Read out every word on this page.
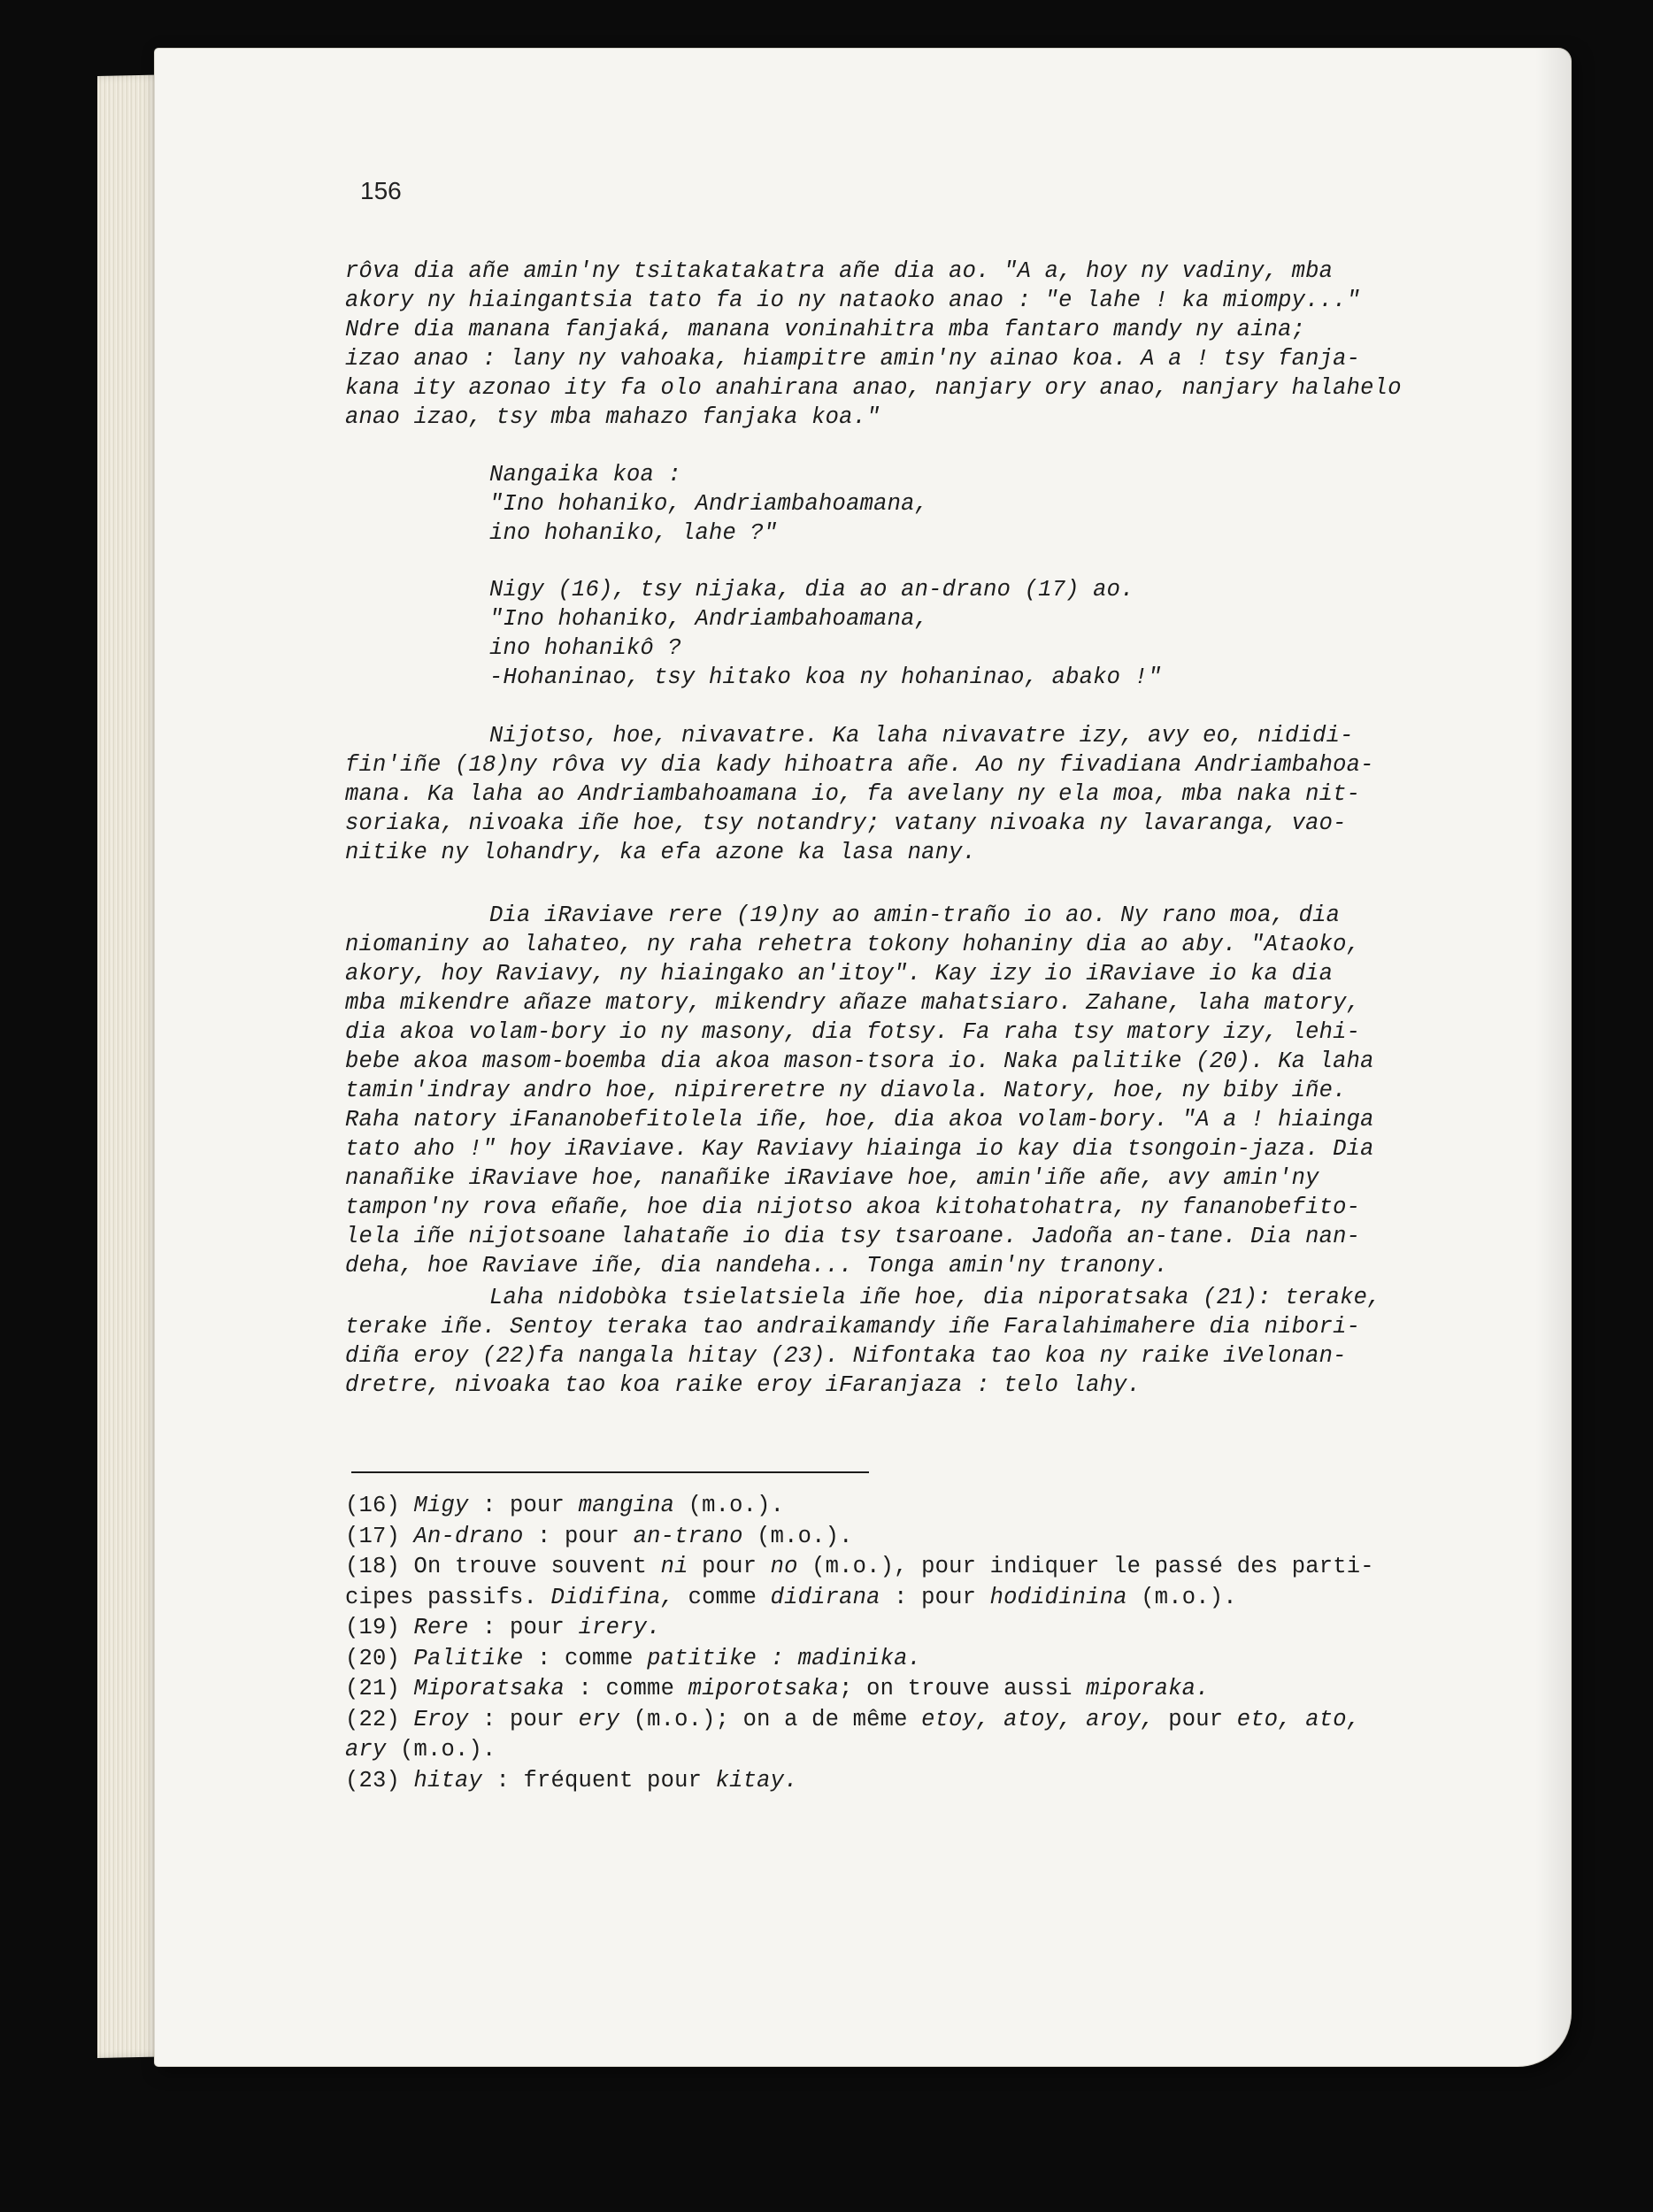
156
rôva dia añe amin'ny tsitakatakatra añe dia ao. "A a, hoy ny vadiny, mba
akory ny hiaingantsia tato fa io ny nataoko anao : "e lahe ! ka miompy..."
Ndre dia manana fanjaká, manana voninahitra mba fantaro mandy ny aina;
izao anao : lany ny vahoaka, hiampitre amin'ny ainao koa. A a ! tsy fanja-
kana ity azonao ity fa olo anahirana anao, nanjary ory anao, nanjary halahelo
anao izao, tsy mba mahazo fanjaka koa."
Nangaika koa :
"Ino hohaniko, Andriambahoamana,
ino hohaniko, lahe ?"
Nigy (16), tsy nijaka, dia ao an-drano (17) ao.
"Ino hohaniko, Andriambahoamana,
ino hohanikô ?
-Hohaninao, tsy hitako koa ny hohaninao, abako !"
Nijotso, hoe, nivavatre. Ka laha nivavatre izy, avy eo, nididi-
fin'iñe (18)ny rôva vy dia kady hihoatra añe. Ao ny fivadiana Andriambahoa-
mana. Ka laha ao Andriambahoamana io, fa avelany ny ela moa, mba naka nit-
soriaka, nivoaka iñe hoe, tsy notandry; vatany nivoaka ny lavaranga, vao-
nitike ny lohandry, ka efa azone ka lasa nany.
Dia iRaviave rere (19)ny ao amin-traño io ao. Ny rano moa, dia
niomaniny ao lahateo, ny raha rehetra tokony hohaniny dia ao aby. "Ataoko,
akory, hoy Raviavy, ny hiaingako an'itoy". Kay izy io iRaviave io ka dia
mba mikendre añaze matory, mikendry añaze mahatsiaro. Zahane, laha matory,
dia akoa volam-bory io ny masony, dia fotsy. Fa raha tsy matory izy, lehi-
bebe akoa masom-boemba dia akoa mason-tsora io. Naka palitike (20). Ka laha
tamin'indray andro hoe, nipireretre ny diavola. Natory, hoe, ny biby iñe.
Raha natory iFananobefitolela iñe, hoe, dia akoa volam-bory. "A a ! hiainga
tato aho !" hoy iRaviave. Kay Raviavy hiainga io kay dia tsongoin-jaza. Dia
nanañike iRaviave hoe, nanañike iRaviave hoe, amin'iñe añe, avy amin'ny
tampon'ny rova eñañe, hoe dia nijotso akoa kitohatohatra, ny fananobefito-
lela iñe nijotsoane lahatañe io dia tsy tsaroane. Jadoña an-tane. Dia nan-
deha, hoe Raviave iñe, dia nandeha... Tonga amin'ny tranony.
Laha nidobòka tsielatsiela iñe hoe, dia niporatsaka (21): terake,
terake iñe. Sentoy teraka tao andraikamandy iñe Faralahimahere dia nibori-
diña eroy (22)fa nangala hitay (23). Nifontaka tao koa ny raike iVelonan-
dretre, nivoaka tao koa raike eroy iFaranjaza : telo lahy.
(16) Migy : pour mangina (m.o.).
(17) An-drano : pour an-trano (m.o.).
(18) On trouve souvent ni pour no (m.o.), pour indiquer le passé des parti-
cipes passifs. Didifina, comme didirana : pour hodidinina (m.o.).
(19) Rere : pour irery.
(20) Palitike : comme patitike : madinika.
(21) Miporatsaka : comme miporotsaka; on trouve aussi miporaka.
(22) Eroy : pour ery (m.o.); on a de même etoy, atoy, aroy, pour eto, ato,
ary (m.o.).
(23) hitay : fréquent pour kitay.
